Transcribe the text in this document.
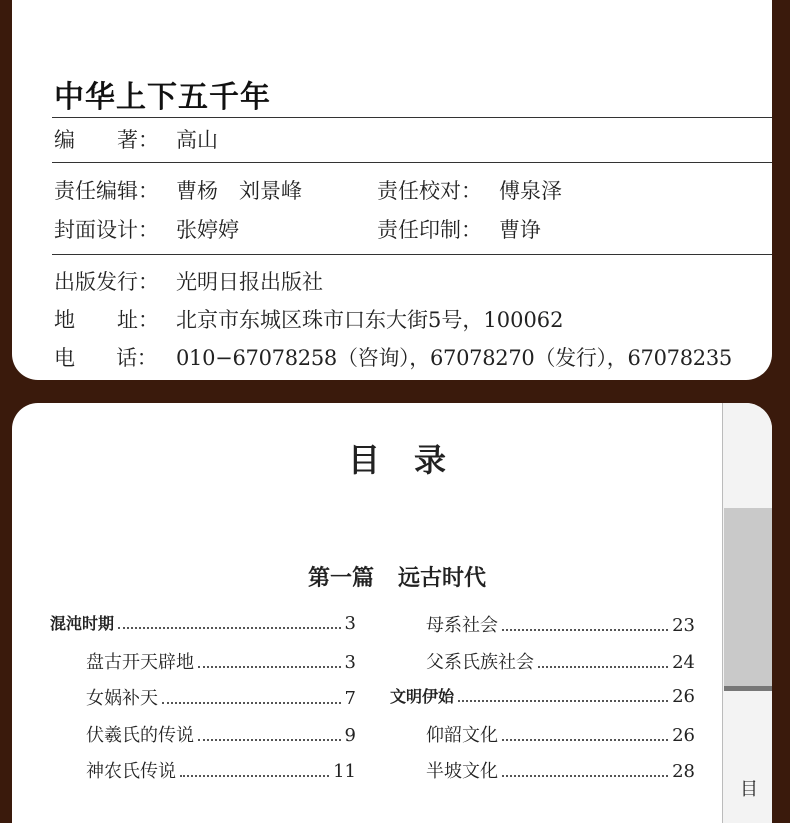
中华上下五千年
编　　著： 高山
责任编辑： 曹杨　刘景峰	责任校对： 傅泉泽
封面设计： 张婷婷	责任印制： 曹诤
出版发行： 光明日报出版社
地　　址： 北京市东城区珠市口东大街5号，100062
电　　话： 010−67078258（咨询），67078270（发行），67078235
目
目录
第一篇 远古时代
混沌时期	3
盘古开天辟地	3
女娲补天	7
伏羲氏的传说	9
神农氏传说	11
母系社会	23
父系氏族社会	24
文明伊始	26
仰韶文化	26
半坡文化	28
